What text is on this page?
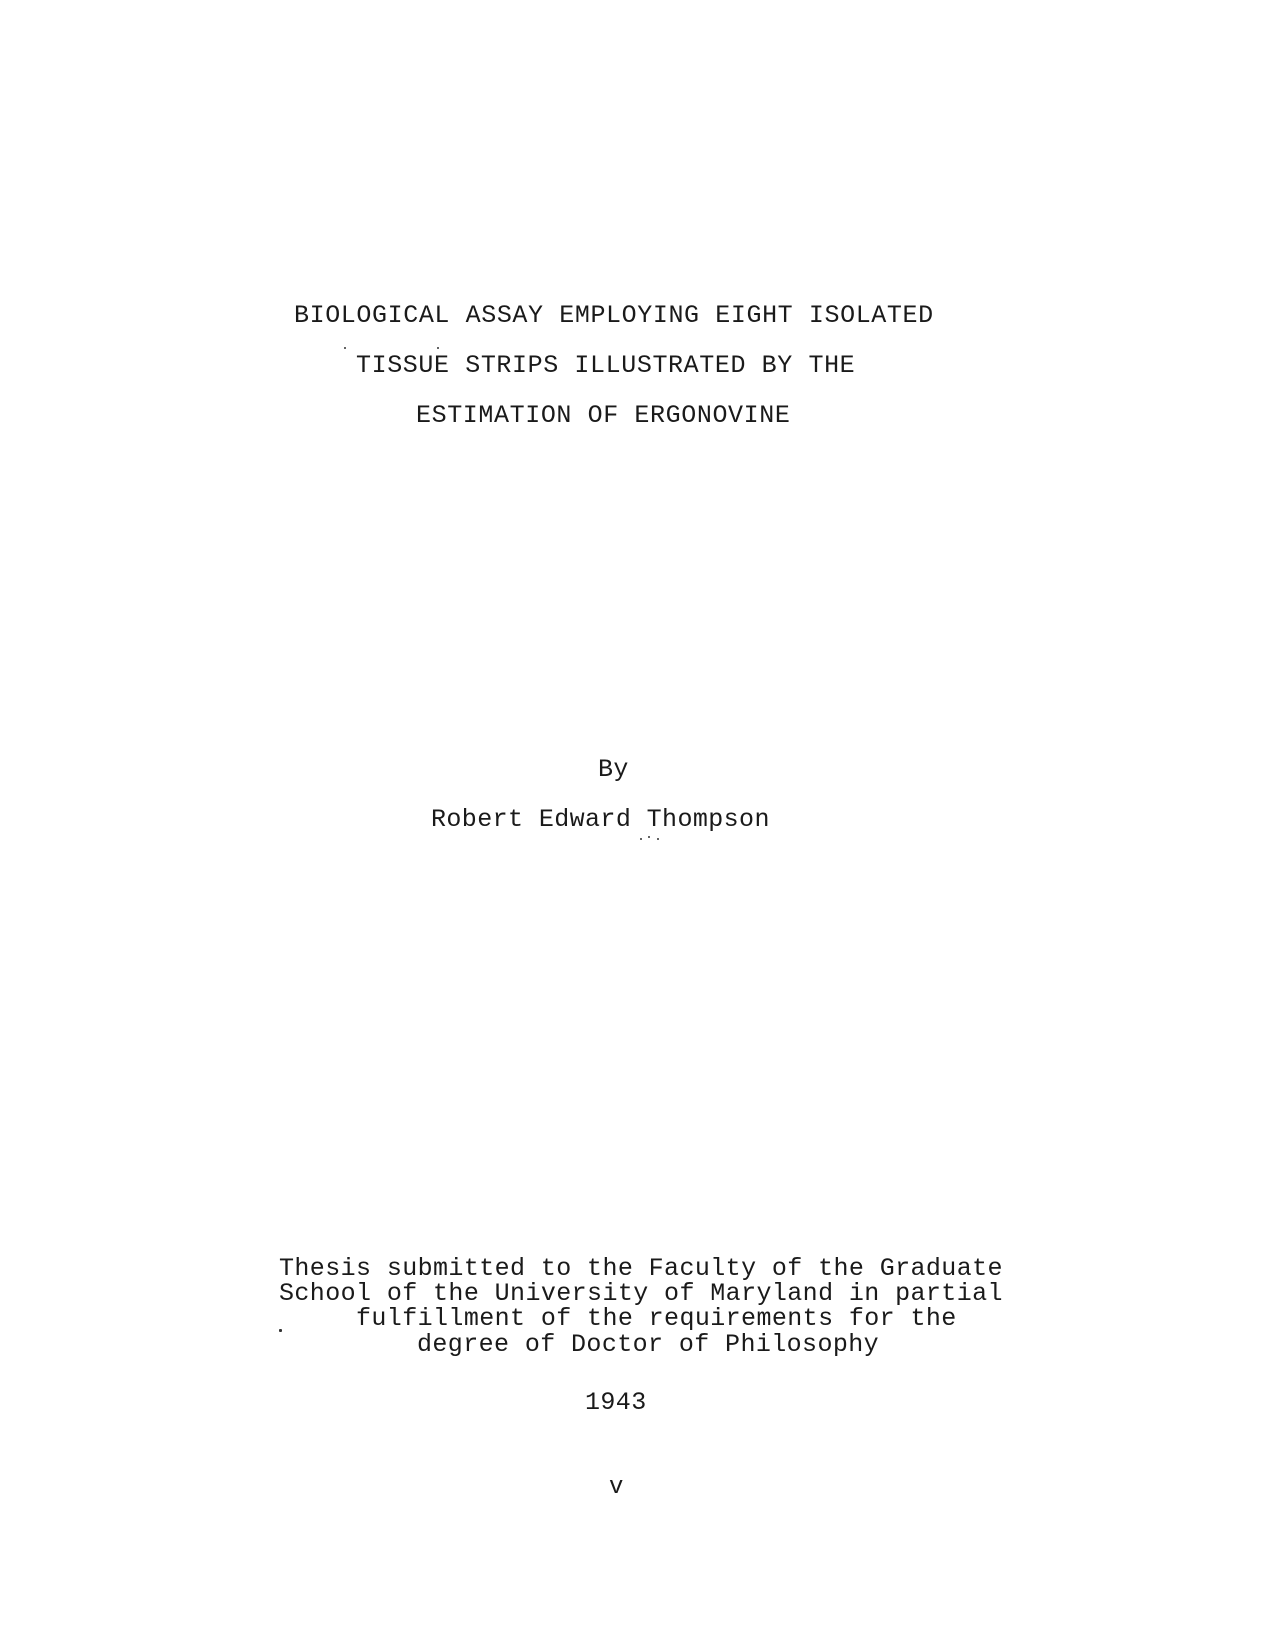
BIOLOGICAL ASSAY EMPLOYING EIGHT ISOLATED
TISSUE STRIPS ILLUSTRATED BY THE
ESTIMATION OF ERGONOVINE
By
Robert Edward Thompson
Thesis submitted to the Faculty of the Graduate
School of the University of Maryland in partial
fulfillment of the requirements for the
degree of Doctor of Philosophy
1943
v
